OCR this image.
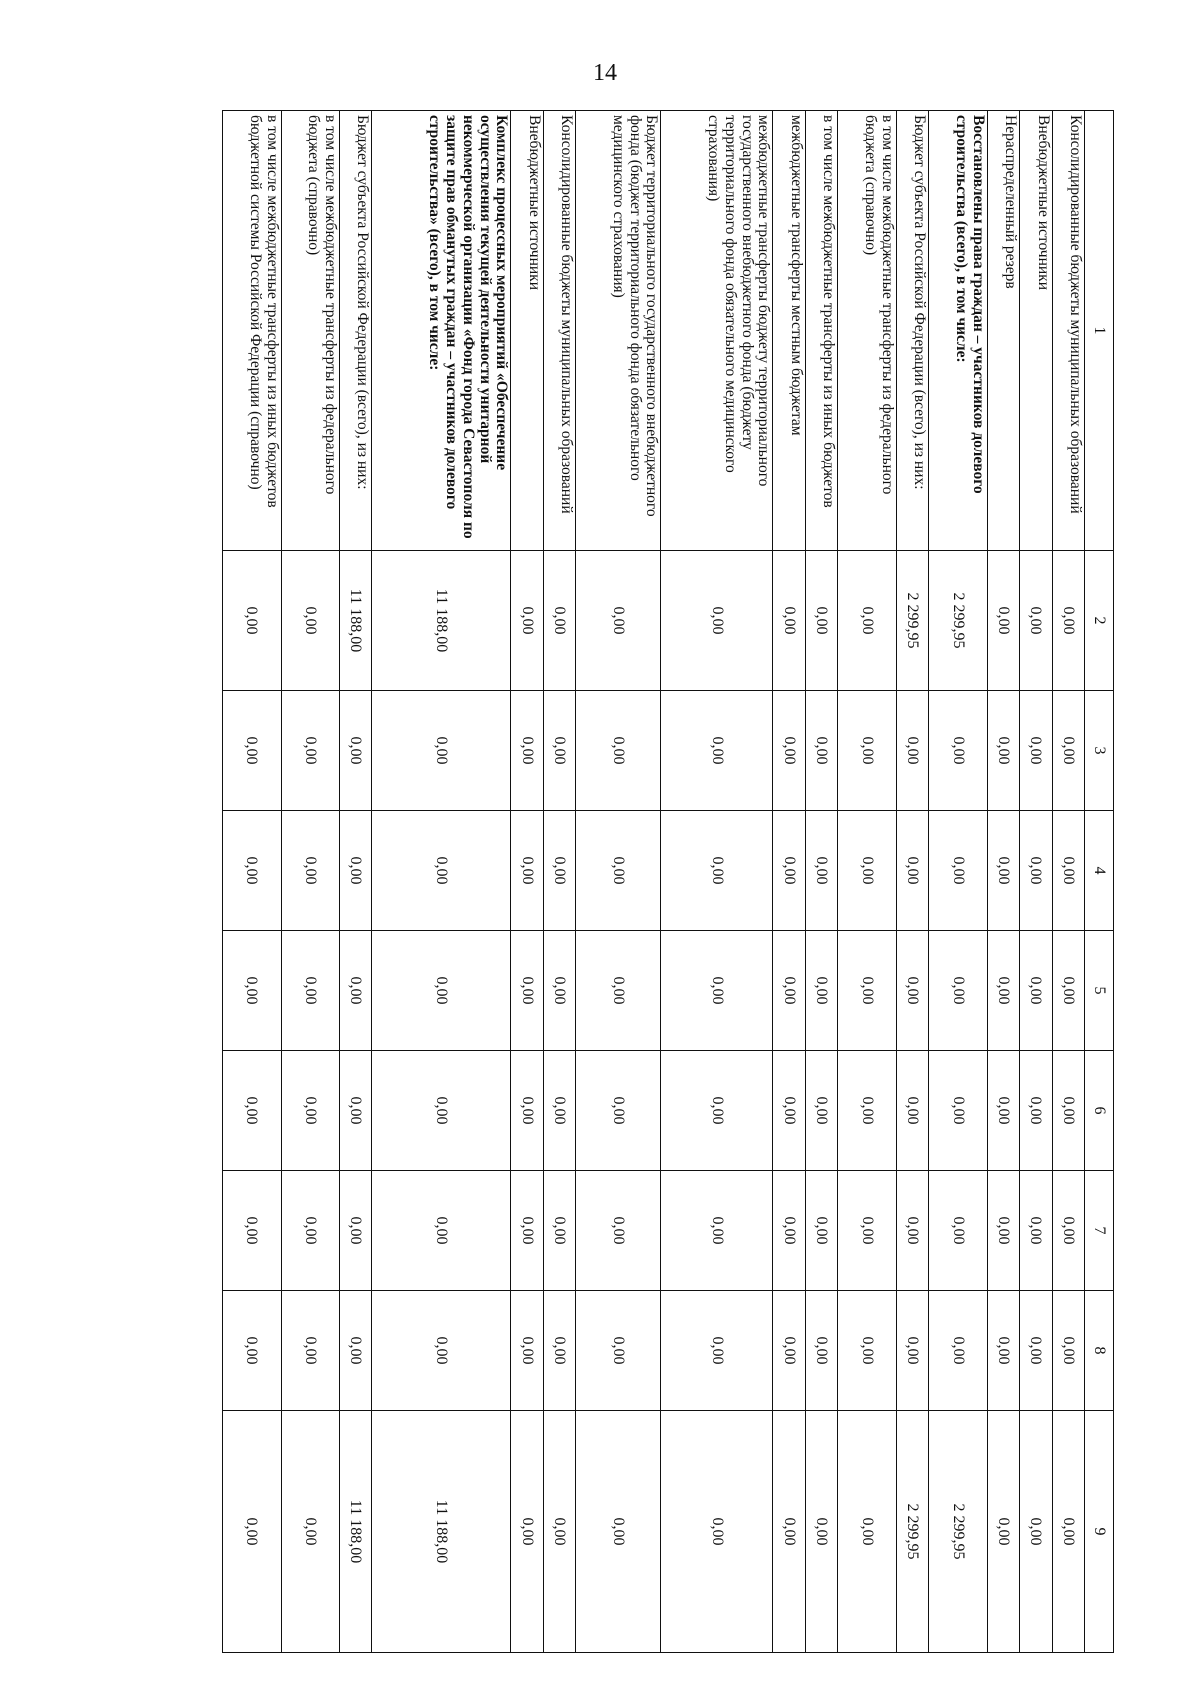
14
1	2	3	4	5	6	7	8	9
Консолидированные бюджеты муниципальных образований	0,00	0,00	0,00	0,00	0,00	0,00	0,00	0,00
Внебюджетные источники	0,00	0,00	0,00	0,00	0,00	0,00	0,00	0,00
Нераспределенный резерв	0,00	0,00	0,00	0,00	0,00	0,00	0,00	0,00
Восстановлены права граждан – участников долевого строительства (всего), в том числе:	2 299,95	0,00	0,00	0,00	0,00	0,00	0,00	2 299,95
Бюджет субъекта Российской Федерации (всего), из них:	2 299,95	0,00	0,00	0,00	0,00	0,00	0,00	2 299,95
в том числе межбюджетные трансферты из федерального бюджета (справочно)	0,00	0,00	0,00	0,00	0,00	0,00	0,00	0,00
в том числе межбюджетные трансферты из иных бюджетов	0,00	0,00	0,00	0,00	0,00	0,00	0,00	0,00
межбюджетные трансферты местным бюджетам	0,00	0,00	0,00	0,00	0,00	0,00	0,00	0,00
межбюджетные трансферты бюджету территориального государственного внебюджетного фонда (бюджету территориального фонда обязательного медицинского страхования)	0,00	0,00	0,00	0,00	0,00	0,00	0,00	0,00
Бюджет территориального государственного внебюджетного фонда (бюджет территориального фонда обязательного медицинского страхования)	0,00	0,00	0,00	0,00	0,00	0,00	0,00	0,00
Консолидированные бюджеты муниципальных образований	0,00	0,00	0,00	0,00	0,00	0,00	0,00	0,00
Внебюджетные источники	0,00	0,00	0,00	0,00	0,00	0,00	0,00	0,00
Комплекс процессных мероприятий «Обеспечение осуществления текущей деятельности унитарной некоммерческой организации «Фонд города Севастополя по защите прав обманутых граждан – участников долевого строительства» (всего), в том числе:	11 188,00	0,00	0,00	0,00	0,00	0,00	0,00	11 188,00
Бюджет субъекта Российской Федерации (всего), из них:	11 188,00	0,00	0,00	0,00	0,00	0,00	0,00	11 188,00
в том числе межбюджетные трансферты из федерального бюджета (справочно)	0,00	0,00	0,00	0,00	0,00	0,00	0,00	0,00
в том числе межбюджетные трансферты из иных бюджетов бюджетной системы Российской Федерации (справочно)	0,00	0,00	0,00	0,00	0,00	0,00	0,00	0,00
